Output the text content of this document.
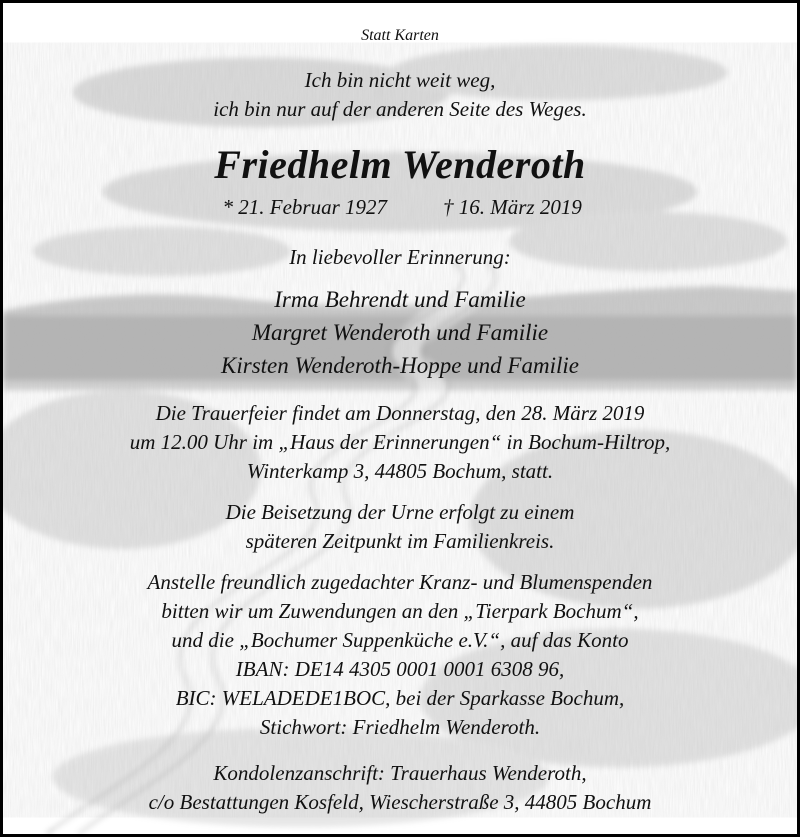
Statt Karten
Ich bin nicht weit weg,
ich bin nur auf der anderen Seite des Weges.
Friedhelm Wenderoth
* 21. Februar 1927	† 16. März 2019
In liebevoller Erinnerung:
Irma Behrendt und Familie
Margret Wenderoth und Familie
Kirsten Wenderoth-Hoppe und Familie
Die Trauerfeier findet am Donnerstag, den 28. März 2019
um 12.00 Uhr im „Haus der Erinnerungen“ in Bochum-Hiltrop,
Winterkamp 3, 44805 Bochum, statt.
Die Beisetzung der Urne erfolgt zu einem
späteren Zeitpunkt im Familienkreis.
Anstelle freundlich zugedachter Kranz- und Blumenspenden
bitten wir um Zuwendungen an den „Tierpark Bochum“,
und die „Bochumer Suppenküche e.V.“, auf das Konto
IBAN: DE14 4305 0001 0001 6308 96,
BIC: WELADEDE1BOC, bei der Sparkasse Bochum,
Stichwort: Friedhelm Wenderoth.
Kondolenzanschrift: Trauerhaus Wenderoth,
c/o Bestattungen Kosfeld, Wiescherstraße 3, 44805 Bochum
